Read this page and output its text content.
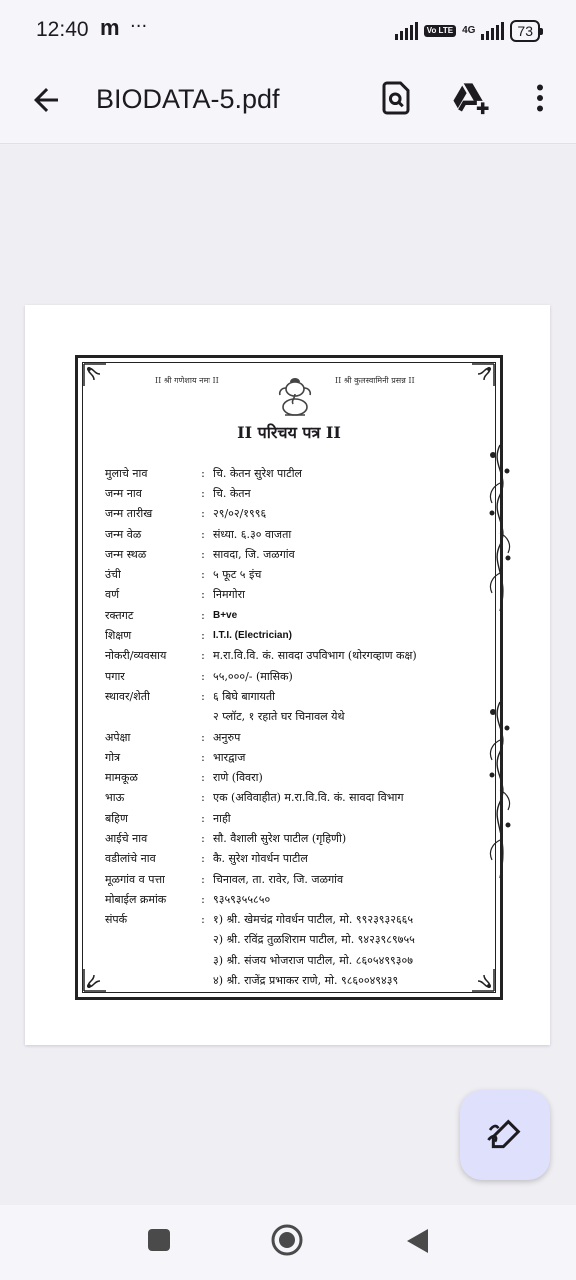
12:40 m ···	Vo LTE 4G	73
BIODATA-5.pdf
II श्री गणेशाय नमः II	II श्री कुलस्वामिनी प्रसन्न II
II परिचय पत्र II
मुलाचे नाव	: चि. केतन सुरेश पाटील
जन्म नाव	: चि. केतन
जन्म तारीख	: २९/०२/१९९६
जन्म वेळ	: संध्या. ६.३० वाजता
जन्म स्थळ	: सावदा, जि. जळगांव
उंची	: ५ फूट ५ इंच
वर्ण	: निमगोरा
रक्तगट	: B+ve
शिक्षण	: I.T.I. (Electrician)
नोकरी/व्यवसाय	: म.रा.वि.वि. कं. सावदा उपविभाग (थोरगव्हाण कक्ष)
पगार	: ५५,०००/- (मासिक)
स्थावर/शेती	: ६ बिघे बागायती
२ प्लॉट, १ रहाते घर चिनावल येथे
अपेक्षा	: अनुरुप
गोत्र	: भारद्वाज
मामकूळ	: राणे (विवरा)
भाऊ	: एक (अविवाहीत) म.रा.वि.वि. कं. सावदा विभाग
बहिण	: नाही
आईचे नाव	: सौ. वैशाली सुरेश पाटील (गृहिणी)
वडीलांचे नाव	: कै. सुरेश गोवर्धन पाटील
मूळगांव व पत्ता	: चिनावल, ता. रावेर, जि. जळगांव
मोबाईल क्रमांक	: ९३५९३५५८५०
संपर्क	: १) श्री. खेमचंद्र गोवर्धन पाटील, मो. ९९२३९३२६६५
२) श्री. रविंद्र तुळशिराम पाटील, मो. ९४२३९८९७५५
३) श्री. संजय भोजराज पाटील, मो. ८६०५४९९३०७
४) श्री. राजेंद्र प्रभाकर राणे, मो. ९८६००४९४३९
